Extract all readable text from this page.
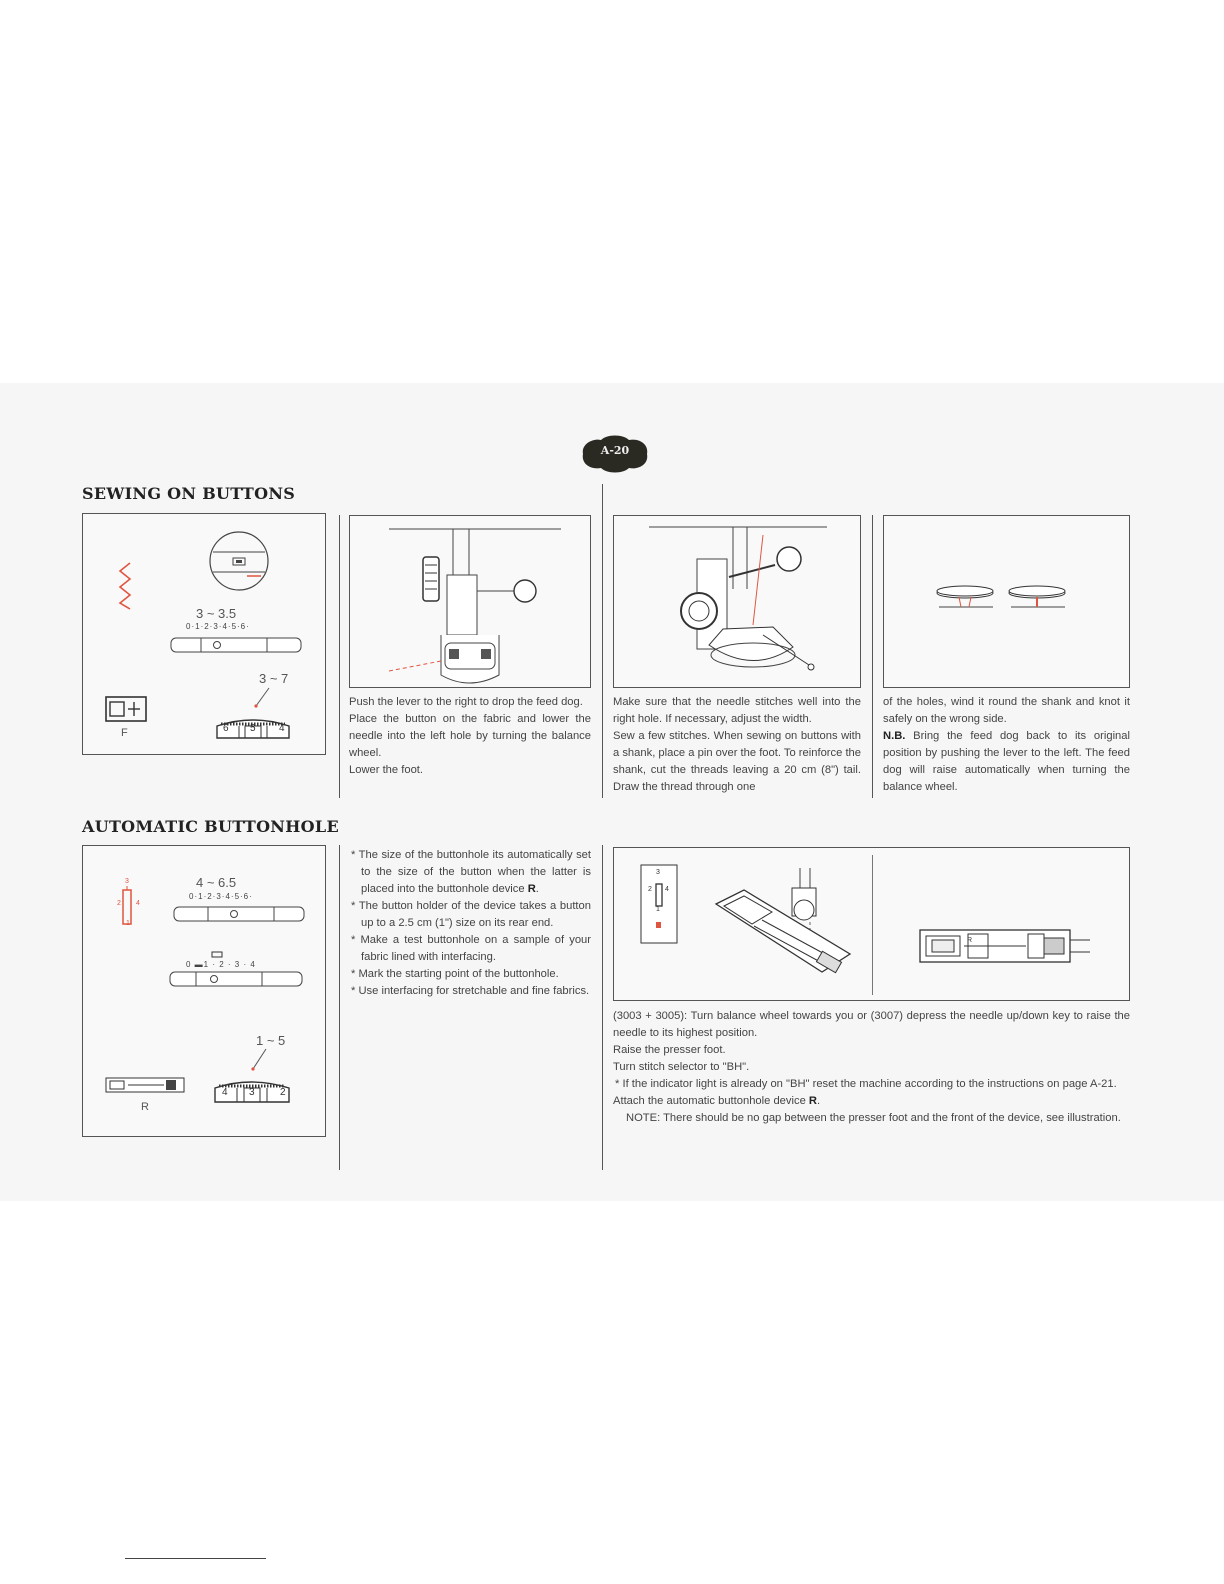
A-20
SEWING ON BUTTONS
AUTOMATIC BUTTONHOLE
3 ~ 3.5
0·1·2·3·4·5·6·
3 ~ 7
F	6 5 4

Push the lever to the right to drop the feed dog.

Place the button on the fabric and lower the needle into the left hole by turning the balance wheel.

Lower the foot.

Make sure that the needle stitches well into the right hole. If necessary, adjust the width.

Sew a few stitches. When sewing on buttons with a shank, place a pin over the foot. To reinforce the shank, cut the threads leaving a 20 cm (8") tail. Draw the thread through one

of the holes, wind it round the shank and knot it safely on the wrong side.

N.B. Bring the feed dog back to its original position by pushing the lever to the left. The feed dog will raise automatically when turning the balance wheel.

3
2 4
1
4 ~ 6.5
0·1·2·3·4·5·6·
0 ▬1 · 2 · 3 · 4
1 ~ 5
R
4 3	2

* The size of the buttonhole its automatically set to the size of the button when the latter is placed into the buttonhole device R.

* The button holder of the device takes a button up to a 2.5 cm (1") size on its rear end.

* Make a test buttonhole on a sample of your fabric lined with interfacing.

* Mark the starting point of the buttonhole.

* Use interfacing for stretchable and fine fabrics.

3
2 4
1
R

(3003 + 3005): Turn balance wheel towards you or (3007) depress the needle up/down key to raise the needle to its highest position.

Raise the presser foot.

Turn stitch selector to "BH".

* If the indicator light is already on "BH" reset the machine according to the instructions on page A-21.

Attach the automatic buttonhole device R.

NOTE: There should be no gap between the presser foot and the front of the device, see illustration.
